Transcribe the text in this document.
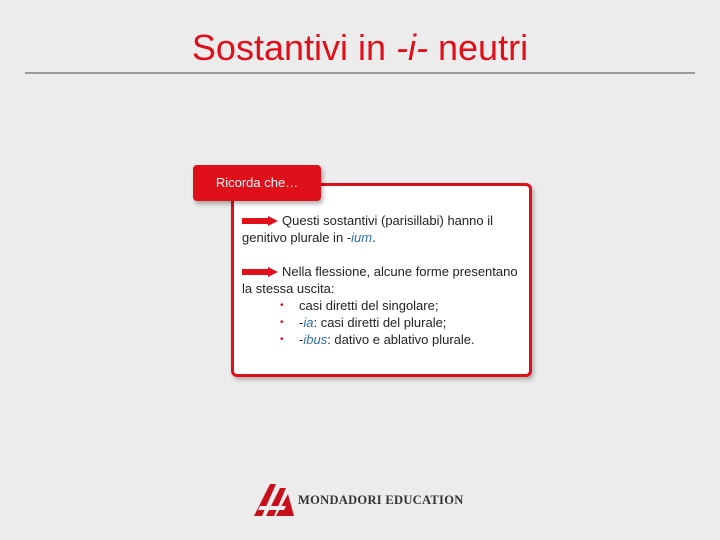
Sostantivi in -i- neutri
Ricorda che…

Questi sostantivi (parisillabi) hanno il genitivo plurale in -ium.

Nella flessione, alcune forme presentano la stessa uscita:
• casi diretti del singolare;
• -ia: casi diretti del plurale;
• -ibus: dativo e ablativo plurale.
MONDADORI EDUCATION
